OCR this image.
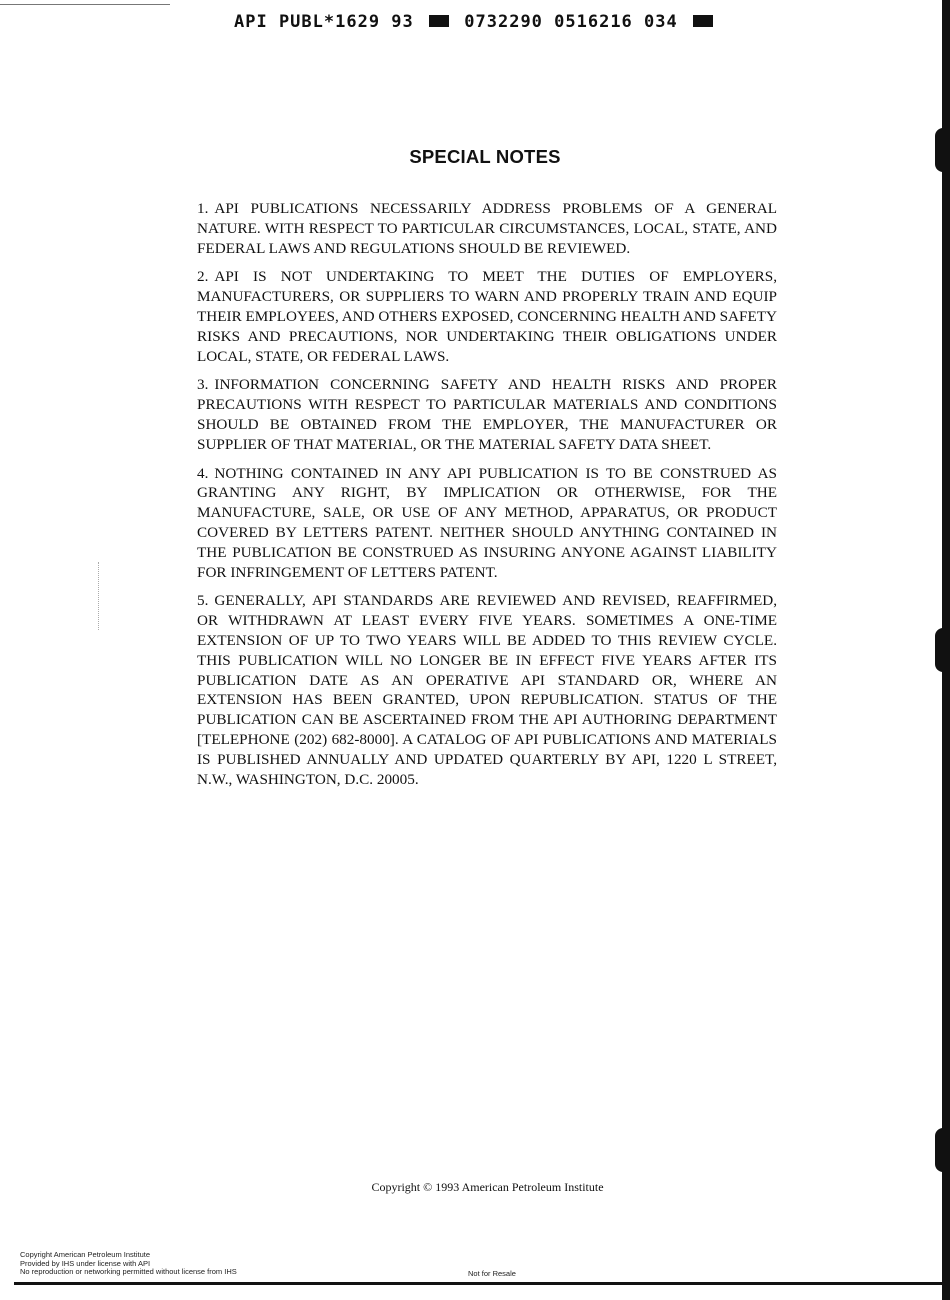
API PUBL*1629 93	0732290 0516216 034
SPECIAL NOTES

1. API PUBLICATIONS NECESSARILY ADDRESS PROBLEMS OF A GENERAL NATURE. WITH RESPECT TO PARTICULAR CIRCUMSTANCES, LOCAL, STATE, AND FEDERAL LAWS AND REGULATIONS SHOULD BE REVIEWED.

2. API IS NOT UNDERTAKING TO MEET THE DUTIES OF EMPLOYERS, MANUFACTURERS, OR SUPPLIERS TO WARN AND PROPERLY TRAIN AND EQUIP THEIR EMPLOYEES, AND OTHERS EXPOSED, CONCERNING HEALTH AND SAFETY RISKS AND PRECAUTIONS, NOR UNDERTAKING THEIR OBLIGATIONS UNDER LOCAL, STATE, OR FEDERAL LAWS.

3. INFORMATION CONCERNING SAFETY AND HEALTH RISKS AND PROPER PRECAUTIONS WITH RESPECT TO PARTICULAR MATERIALS AND CONDITIONS SHOULD BE OBTAINED FROM THE EMPLOYER, THE MANUFACTURER OR SUPPLIER OF THAT MATERIAL, OR THE MATERIAL SAFETY DATA SHEET.

4. NOTHING CONTAINED IN ANY API PUBLICATION IS TO BE CONSTRUED AS GRANTING ANY RIGHT, BY IMPLICATION OR OTHERWISE, FOR THE MANUFACTURE, SALE, OR USE OF ANY METHOD, APPARATUS, OR PRODUCT COVERED BY LETTERS PATENT. NEITHER SHOULD ANYTHING CONTAINED IN THE PUBLICATION BE CONSTRUED AS INSURING ANYONE AGAINST LIABILITY FOR INFRINGEMENT OF LETTERS PATENT.

5. GENERALLY, API STANDARDS ARE REVIEWED AND REVISED, REAFFIRMED, OR WITHDRAWN AT LEAST EVERY FIVE YEARS. SOMETIMES A ONE-TIME EXTENSION OF UP TO TWO YEARS WILL BE ADDED TO THIS REVIEW CYCLE. THIS PUBLICATION WILL NO LONGER BE IN EFFECT FIVE YEARS AFTER ITS PUBLICATION DATE AS AN OPERATIVE API STANDARD OR, WHERE AN EXTENSION HAS BEEN GRANTED, UPON REPUBLICATION. STATUS OF THE PUBLICATION CAN BE ASCERTAINED FROM THE API AUTHORING DEPARTMENT [TELEPHONE (202) 682-8000]. A CATALOG OF API PUBLICATIONS AND MATERIALS IS PUBLISHED ANNUALLY AND UPDATED QUARTERLY BY API, 1220 L STREET, N.W., WASHINGTON, D.C. 20005.

Copyright © 1993 American Petroleum Institute
Copyright American Petroleum Institute
Provided by IHS under license with API
No reproduction or networking permitted without license from IHS	Not for Resale
